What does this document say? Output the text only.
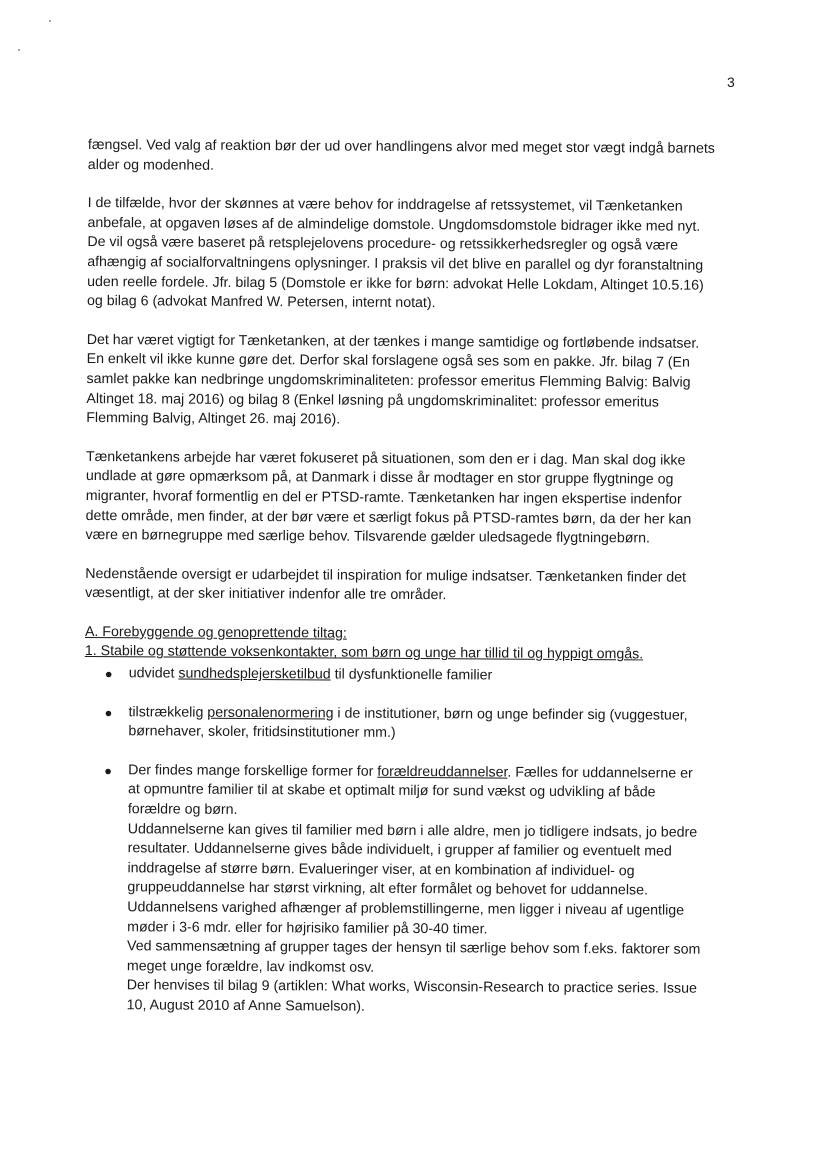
3

fængsel. Ved valg af reaktion bør der ud over handlingens alvor med meget stor vægt indgå barnets
alder og modenhed.

I de tilfælde, hvor der skønnes at være behov for inddragelse af retssystemet, vil Tænketanken
anbefale, at opgaven løses af de almindelige domstole. Ungdomsdomstole bidrager ikke med nyt.
De vil også være baseret på retsplejelovens procedure- og retssikkerhedsregler og også være
afhængig af socialforvaltningens oplysninger. I praksis vil det blive en parallel og dyr foranstaltning
uden reelle fordele. Jfr. bilag 5 (Domstole er ikke for børn: advokat Helle Lokdam, Altinget 10.5.16)
og bilag 6 (advokat Manfred W. Petersen, internt notat).

Det har været vigtigt for Tænketanken, at der tænkes i mange samtidige og fortløbende indsatser.
En enkelt vil ikke kunne gøre det. Derfor skal forslagene også ses som en pakke. Jfr. bilag 7 (En
samlet pakke kan nedbringe ungdomskriminaliteten: professor emeritus Flemming Balvig: Balvig
Altinget 18. maj 2016) og bilag 8 (Enkel løsning på ungdomskriminalitet: professor emeritus
Flemming Balvig, Altinget 26. maj 2016).

Tænketankens arbejde har været fokuseret på situationen, som den er i dag. Man skal dog ikke
undlade at gøre opmærksom på, at Danmark i disse år modtager en stor gruppe flygtninge og
migranter, hvoraf formentlig en del er PTSD-ramte. Tænketanken har ingen ekspertise indenfor
dette område, men finder, at der bør være et særligt fokus på PTSD-ramtes børn, da der her kan
være en børnegruppe med særlige behov. Tilsvarende gælder uledsagede flygtningebørn.

Nedenstående oversigt er udarbejdet til inspiration for mulige indsatser. Tænketanken finder det
væsentligt, at der sker initiativer indenfor alle tre områder.

A. Forebyggende og genoprettende tiltag:
1. Stabile og støttende voksenkontakter, som børn og unge har tillid til og hyppigt omgås.
● udvidet sundhedsplejersketilbud til dysfunktionelle familier
● tilstrækkelig personalenormering i de institutioner, børn og unge befinder sig (vuggestuer,
børnehaver, skoler, fritidsinstitutioner mm.)
● Der findes mange forskellige former for forældreuddannelser. Fælles for uddannelserne er
at opmuntre familier til at skabe et optimalt miljø for sund vækst og udvikling af både
forældre og børn.
Uddannelserne kan gives til familier med børn i alle aldre, men jo tidligere indsats, jo bedre
resultater. Uddannelserne gives både individuelt, i grupper af familier og eventuelt med
inddragelse af større børn. Evalueringer viser, at en kombination af individuel- og
gruppeuddannelse har størst virkning, alt efter formålet og behovet for uddannelse.
Uddannelsens varighed afhænger af problemstillingerne, men ligger i niveau af ugentlige
møder i 3-6 mdr. eller for højrisiko familier på 30-40 timer.
Ved sammensætning af grupper tages der hensyn til særlige behov som f.eks. faktorer som
meget unge forældre, lav indkomst osv.
Der henvises til bilag 9 (artiklen: What works, Wisconsin-Research to practice series. Issue
10, August 2010 af Anne Samuelson).
